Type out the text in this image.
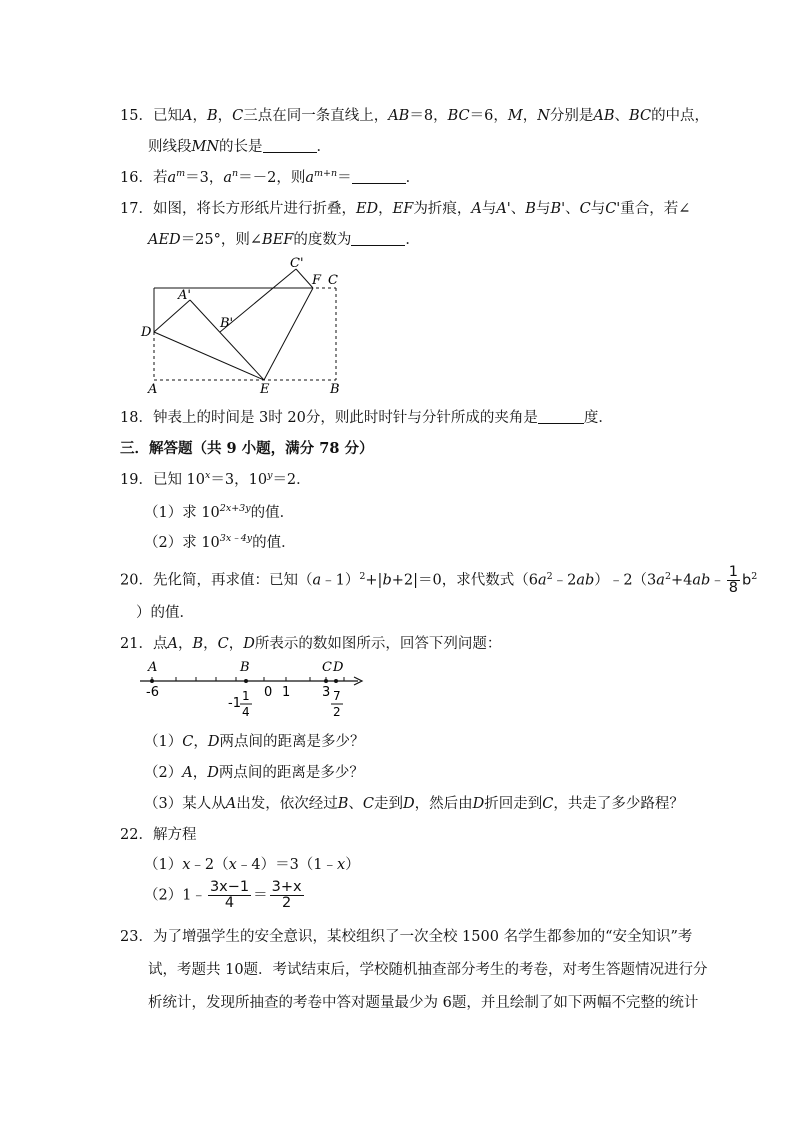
15．已知A，B，C三点在同一条直线上，AB＝8，BC＝6，M，N分别是AB、BC的中点，
则线段MN的长是	．
16．若$a^m=3$，$a^n=-2$，则$a^{m+n}=$	．
17．如图，将长方形纸片进行折叠，ED，EF为折痕，A与A'、B与B'、C与C'重合，若∠
AED＝25°，则∠BEF的度数为	．
D
A'
B'
C'
F C
A	E	B
18．钟表上的时间是 3时 20分，则此时时针与分针所成的夹角是	度．
三．解答题（共 9 小题，满分 78 分）
19．已知 $10^x=3$，$10^y=2$．
（1）求 $10^{2x+3y}$的值．
（2）求 $10^{3x﹣4y}$的值．
20．先化简，再求值：已知（a﹣1）$^2$+|b+2|＝0，求代数式$(6a^2﹣2ab)﹣2(3a^2+4ab﹣ \frac{1}{8} b^2$
）的值．
21．点A，B，C，D所表示的数如图所示，回答下列问题：
A	B	C D
-6
-1 1
4
0 1 3 7
2
（1）C，D两点间的距离是多少？
（2）A，D两点间的距离是多少？
（3）某人从A出发，依次经过B、C走到D，然后由D折回走到C，共走了多少路程？
22．解方程
（1）x﹣2（x﹣4）＝3（1﹣x）
（2）1﹣ $\frac{3x-1}{4} = \frac{3+x}{2}$
23．为了增强学生的安全意识，某校组织了一次全校 1500 名学生都参加的“安全知识”考
试，考题共 10题．考试结束后，学校随机抽查部分考生的考卷，对考生答题情况进行分
析统计，发现所抽查的考卷中答对题量最少为 6题，并且绘制了如下两幅不完整的统计
